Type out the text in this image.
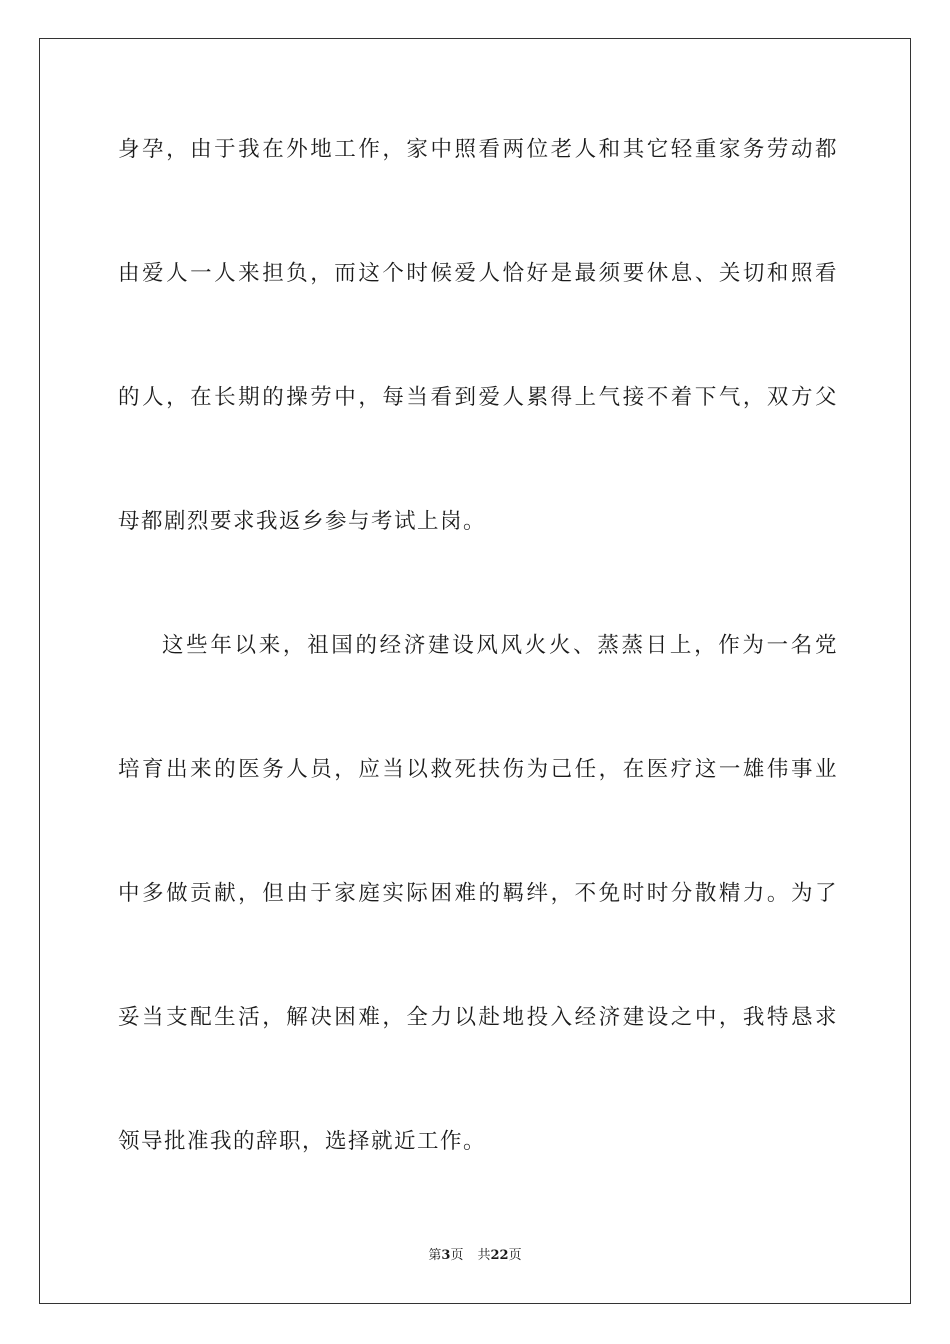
身孕，由于我在外地工作，家中照看两位老人和其它轻重家务劳动都
由爱人一人来担负，而这个时候爱人恰好是最须要休息、关切和照看
的人，在长期的操劳中，每当看到爱人累得上气接不着下气，双方父
母都剧烈要求我返乡参与考试上岗。
这些年以来，祖国的经济建设风风火火、蒸蒸日上，作为一名党
培育出来的医务人员，应当以救死扶伤为己任，在医疗这一雄伟事业
中多做贡献，但由于家庭实际困难的羁绊，不免时时分散精力。为了
妥当支配生活，解决困难，全力以赴地投入经济建设之中，我特恳求
领导批准我的辞职，选择就近工作。
第3页 共22页
